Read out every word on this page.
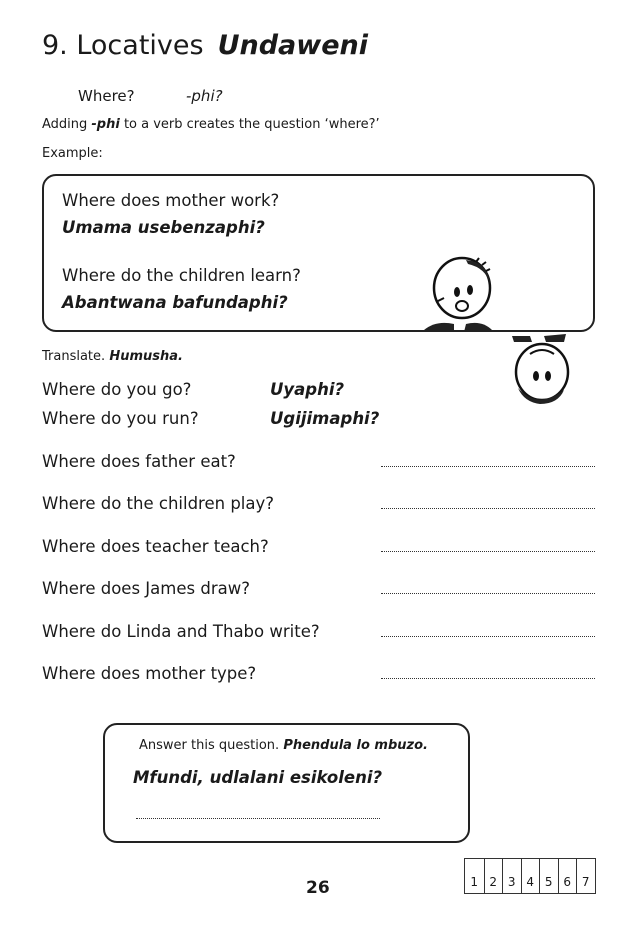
9. Locatives Undaweni
Where?	-phi?
Adding -phi to a verb creates the question ‘where?’
Example:
Where does mother work?
Umama usebenzaphi?
Where do the children learn?
Abantwana bafundaphi?
Translate. Humusha.
Where do you go?	Uyaphi?
Where do you run?	Ugijimaphi?
Where does father eat?
Where do the children play?
Where does teacher teach?
Where does James draw?
Where do Linda and Thabo write?
Where does mother type?
Answer this question. Phendula lo mbuzo.
Mfundi, udlalani esikoleni?
26	1 2 3 4 5 6 7
